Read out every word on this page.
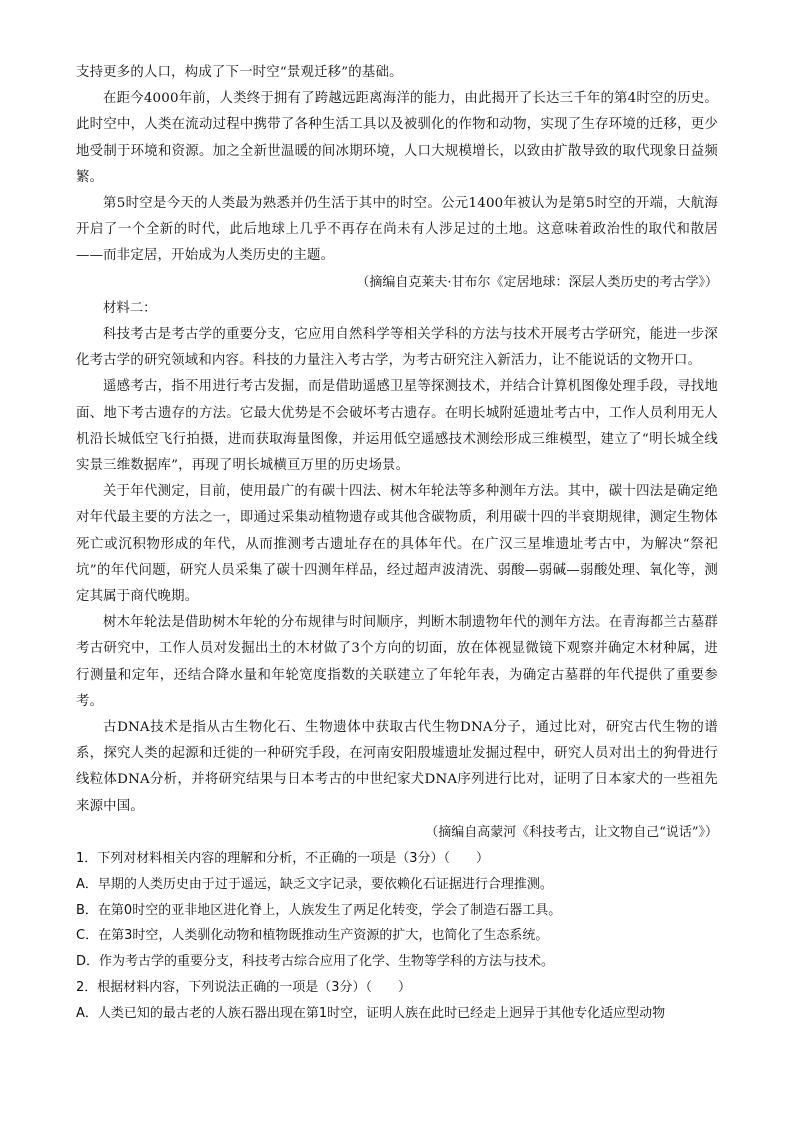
支持更多的人口，构成了下一时空“景观迁移”的基础。

在距今4000年前，人类终于拥有了跨越远距离海洋的能力，由此揭开了长达三千年的第4时空的历史。此时空中，人类在流动过程中携带了各种生活工具以及被驯化的作物和动物，实现了生存环境的迁移，更少地受制于环境和资源。加之全新世温暖的间冰期环境，人口大规模增长，以致由扩散导致的取代现象日益频繁。

第5时空是今天的人类最为熟悉并仍生活于其中的时空。公元1400年被认为是第5时空的开端，大航海开启了一个全新的时代，此后地球上几乎不再存在尚未有人涉足过的土地。这意味着政治性的取代和散居——而非定居，开始成为人类历史的主题。

（摘编自克莱夫·甘布尔《定居地球：深层人类历史的考古学》）

材料二：

科技考古是考古学的重要分支，它应用自然科学等相关学科的方法与技术开展考古学研究，能进一步深化考古学的研究领域和内容。科技的力量注入考古学，为考古研究注入新活力，让不能说话的文物开口。

遥感考古，指不用进行考古发掘，而是借助遥感卫星等探测技术，并结合计算机图像处理手段，寻找地面、地下考古遗存的方法。它最大优势是不会破坏考古遗存。在明长城附延遗址考古中，工作人员利用无人机沿长城低空飞行拍摄，进而获取海量图像，并运用低空遥感技术测绘形成三维模型，建立了“明长城全线实景三维数据库”，再现了明长城横亘万里的历史场景。

关于年代测定，目前，使用最广的有碳十四法、树木年轮法等多种测年方法。其中，碳十四法是确定绝对年代最主要的方法之一，即通过采集动植物遗存或其他含碳物质，利用碳十四的半衰期规律，测定生物体死亡或沉积物形成的年代，从而推测考古遗址存在的具体年代。在广汉三星堆遗址考古中，为解决“祭祀坑”的年代问题，研究人员采集了碳十四测年样品，经过超声波清洗、弱酸—弱碱—弱酸处理、氧化等，测定其属于商代晚期。

树木年轮法是借助树木年轮的分布规律与时间顺序，判断木制遗物年代的测年方法。在青海都兰古墓群考古研究中，工作人员对发掘出土的木材做了3个方向的切面，放在体视显微镜下观察并确定木材种属，进行测量和定年，还结合降水量和年轮宽度指数的关联建立了年轮年表，为确定古墓群的年代提供了重要参考。

古DNA技术是指从古生物化石、生物遗体中获取古代生物DNA分子，通过比对，研究古代生物的谱系，探究人类的起源和迁徙的一种研究手段，在河南安阳殷墟遗址发掘过程中，研究人员对出土的狗骨进行线粒体DNA分析，并将研究结果与日本考古的中世纪家犬DNA序列进行比对，证明了日本家犬的一些祖先来源中国。

（摘编自高蒙河《科技考古，让文物自己“说话”》）

1．下列对材料相关内容的理解和分析，不正确的一项是（3分）（　　）

A．早期的人类历史由于过于遥远，缺乏文字记录，要依赖化石证据进行合理推测。

B．在第0时空的亚非地区进化脊上，人族发生了两足化转变，学会了制造石器工具。

C．在第3时空，人类驯化动物和植物既推动生产资源的扩大，也简化了生态系统。

D．作为考古学的重要分支，科技考古综合应用了化学、生物等学科的方法与技术。

2．根据材料内容，下列说法正确的一项是（3分）（　　）

A．人类已知的最古老的人族石器出现在第1时空，证明人族在此时已经走上迥异于其他专化适应型动物
